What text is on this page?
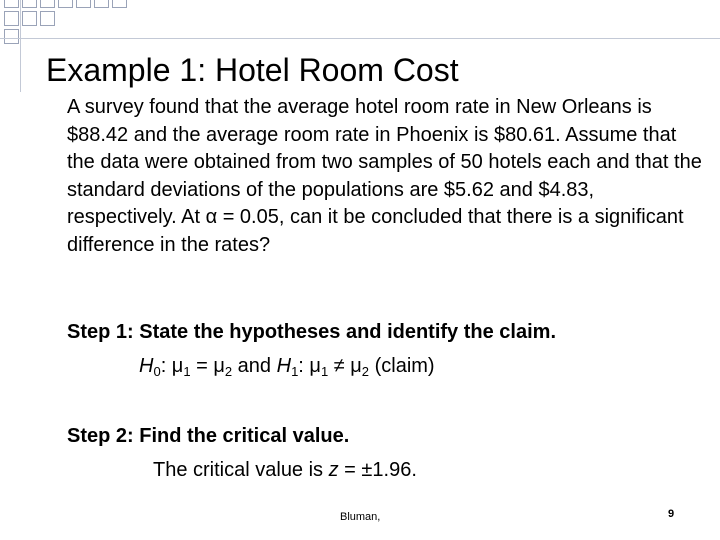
Example 1: Hotel Room Cost
A survey found that the average hotel room rate in New Orleans is $88.42 and the average room rate in Phoenix is $80.61. Assume that the data were obtained from two samples of 50 hotels each and that the standard deviations of the populations are $5.62 and $4.83, respectively. At α = 0.05, can it be concluded that there is a significant difference in the rates?
Step 1: State the hypotheses and identify the claim.
$H_0$: $\mu_1 = \mu_2$ and $H_1$: $\mu_1 \ne \mu_2$ (claim)
Step 2: Find the critical value.
The critical value is z = ±1.96.
Bluman,	9
